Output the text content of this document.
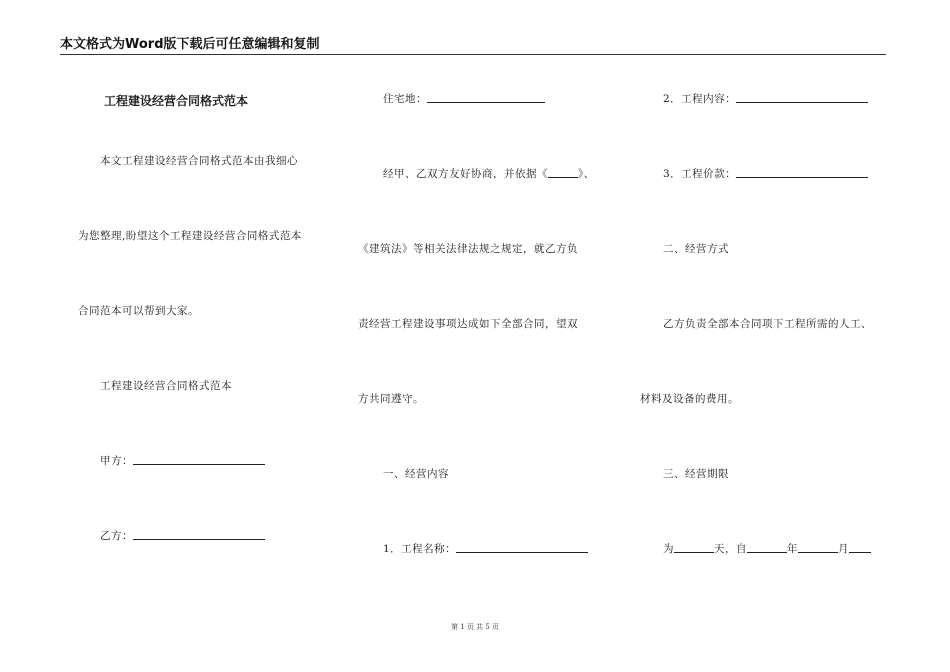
本文格式为Word版下载后可任意编辑和复制
工程建设经营合同格式范本
本文工程建设经营合同格式范本由我细心
为您整理,盼望这个工程建设经营合同格式范本
合同范本可以帮到大家。
工程建设经营合同格式范本
甲方：
乙方：
住宅地：
经甲、乙双方友好协商，并依据《	》、
《建筑法》等相关法律法规之规定，就乙方负
责经营工程建设事项达成如下全部合同，望双
方共同遵守。
一、经营内容
1．工程名称：
2．工程内容：
3．工程价款：
二、经营方式
乙方负责全部本合同项下工程所需的人工、
材料及设备的费用。
三、经营期限
为	天，自	年	月
第 1 页 共 5 页
